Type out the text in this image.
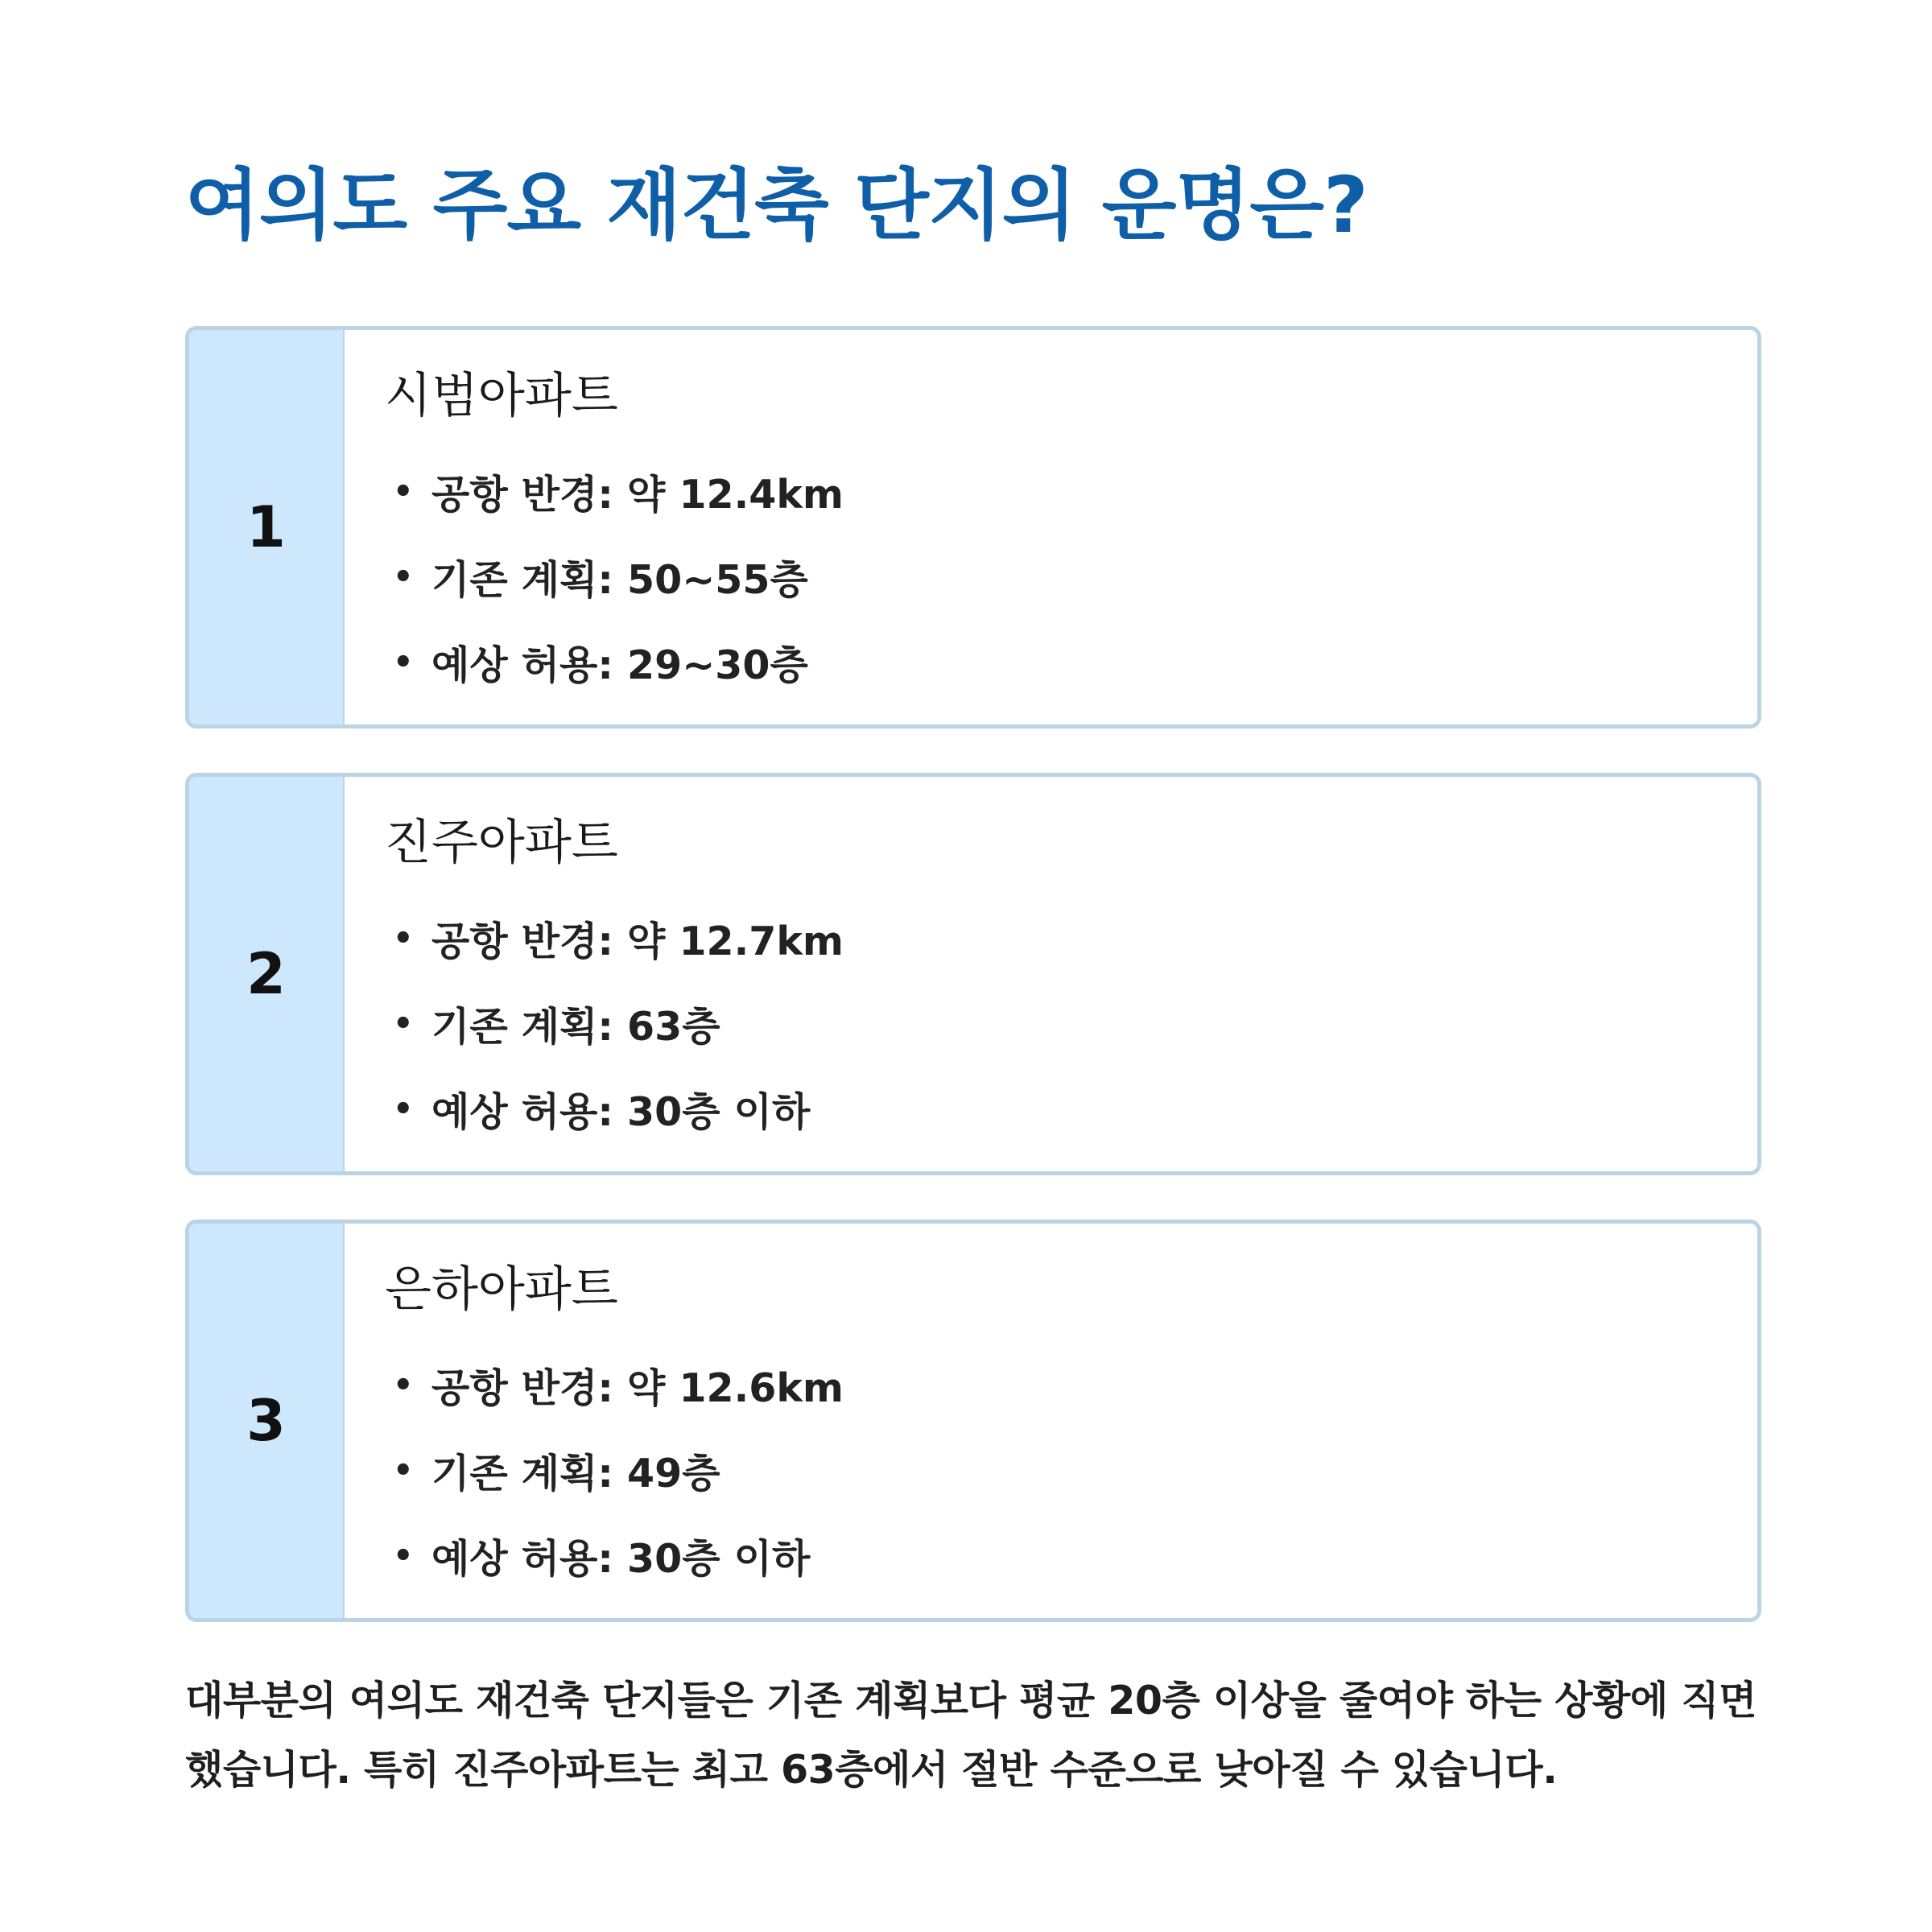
여의도 주요 재건축 단지의 운명은?
1
시범아파트
• 공항 반경: 약 12.4km
• 기존 계획: 50~55층
• 예상 허용: 29~30층
2
진주아파트
• 공항 반경: 약 12.7km
• 기존 계획: 63층
• 예상 허용: 30층 이하
3
은하아파트
• 공항 반경: 약 12.6km
• 기존 계획: 49층
• 예상 허용: 30층 이하

대부분의 여의도 재건축 단지들은 기존 계획보다 평균 20층 이상을 줄여야 하는 상황에 직면했습니다. 특히 진주아파트는 최고 63층에서 절반 수준으로 낮아질 수 있습니다.
